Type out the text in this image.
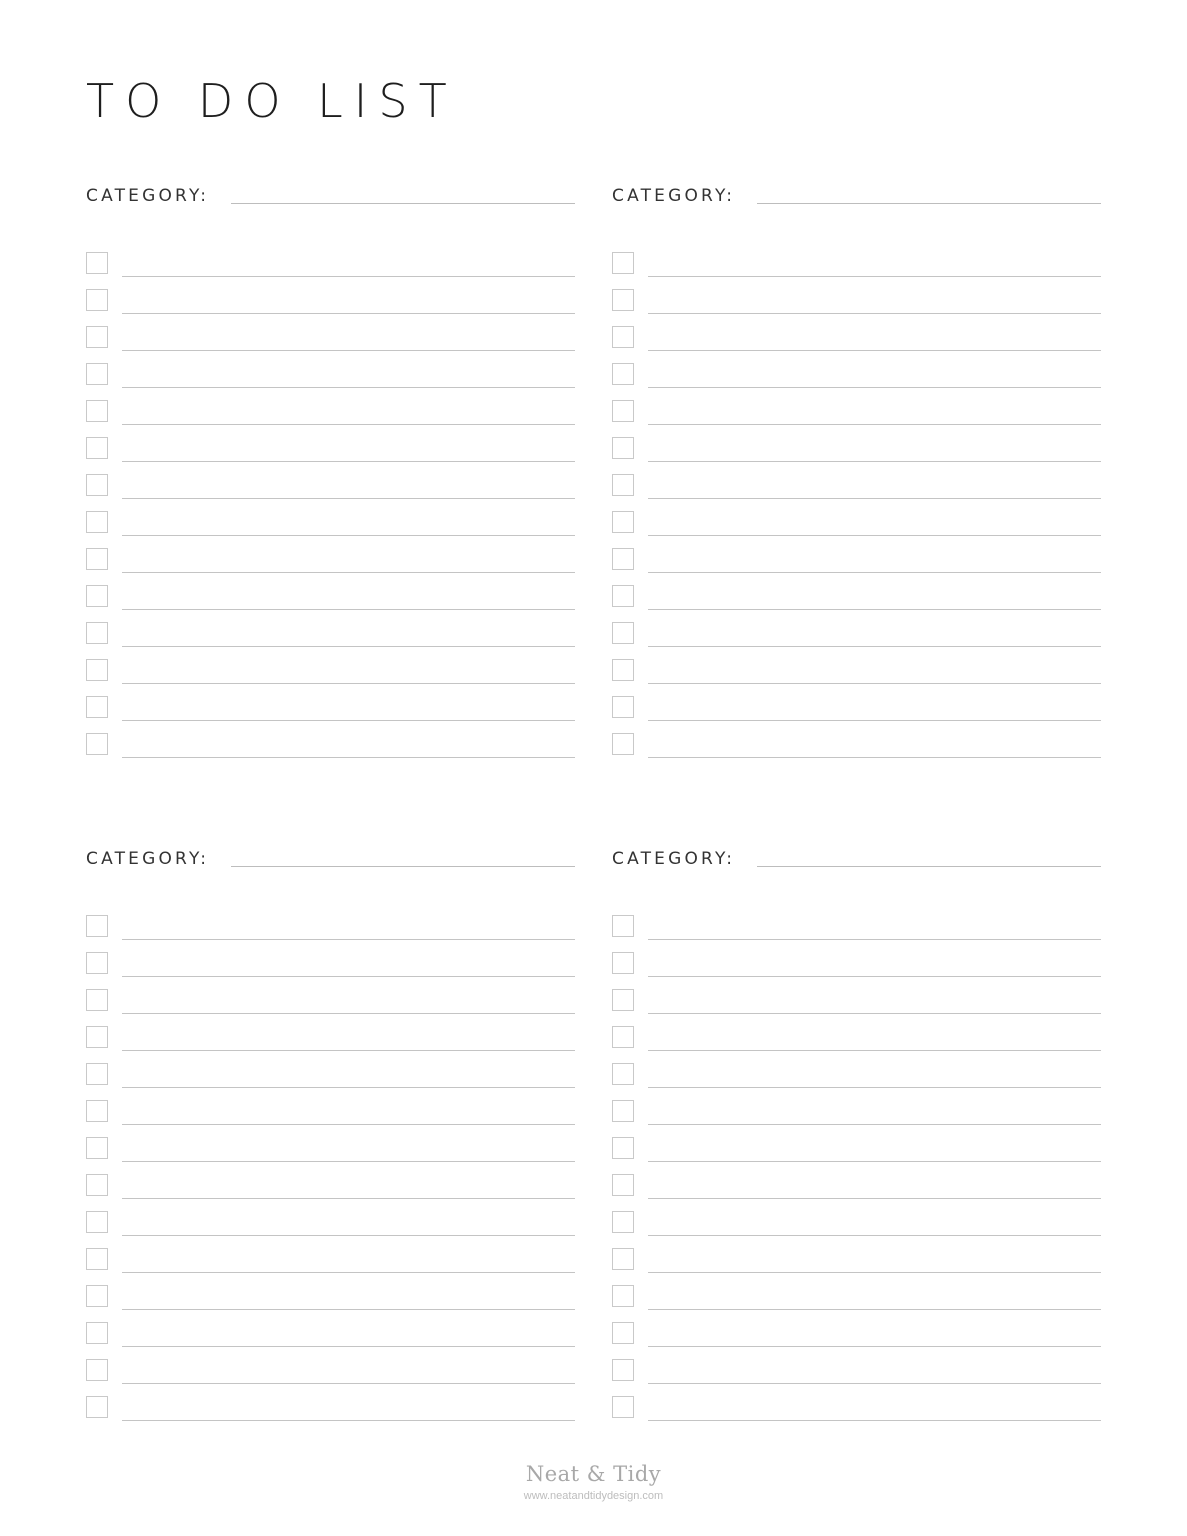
TO DO LIST
CATEGORY:	CATEGORY:
CATEGORY:	CATEGORY:
Neat & Tidy
www.neatandtidydesign.com
